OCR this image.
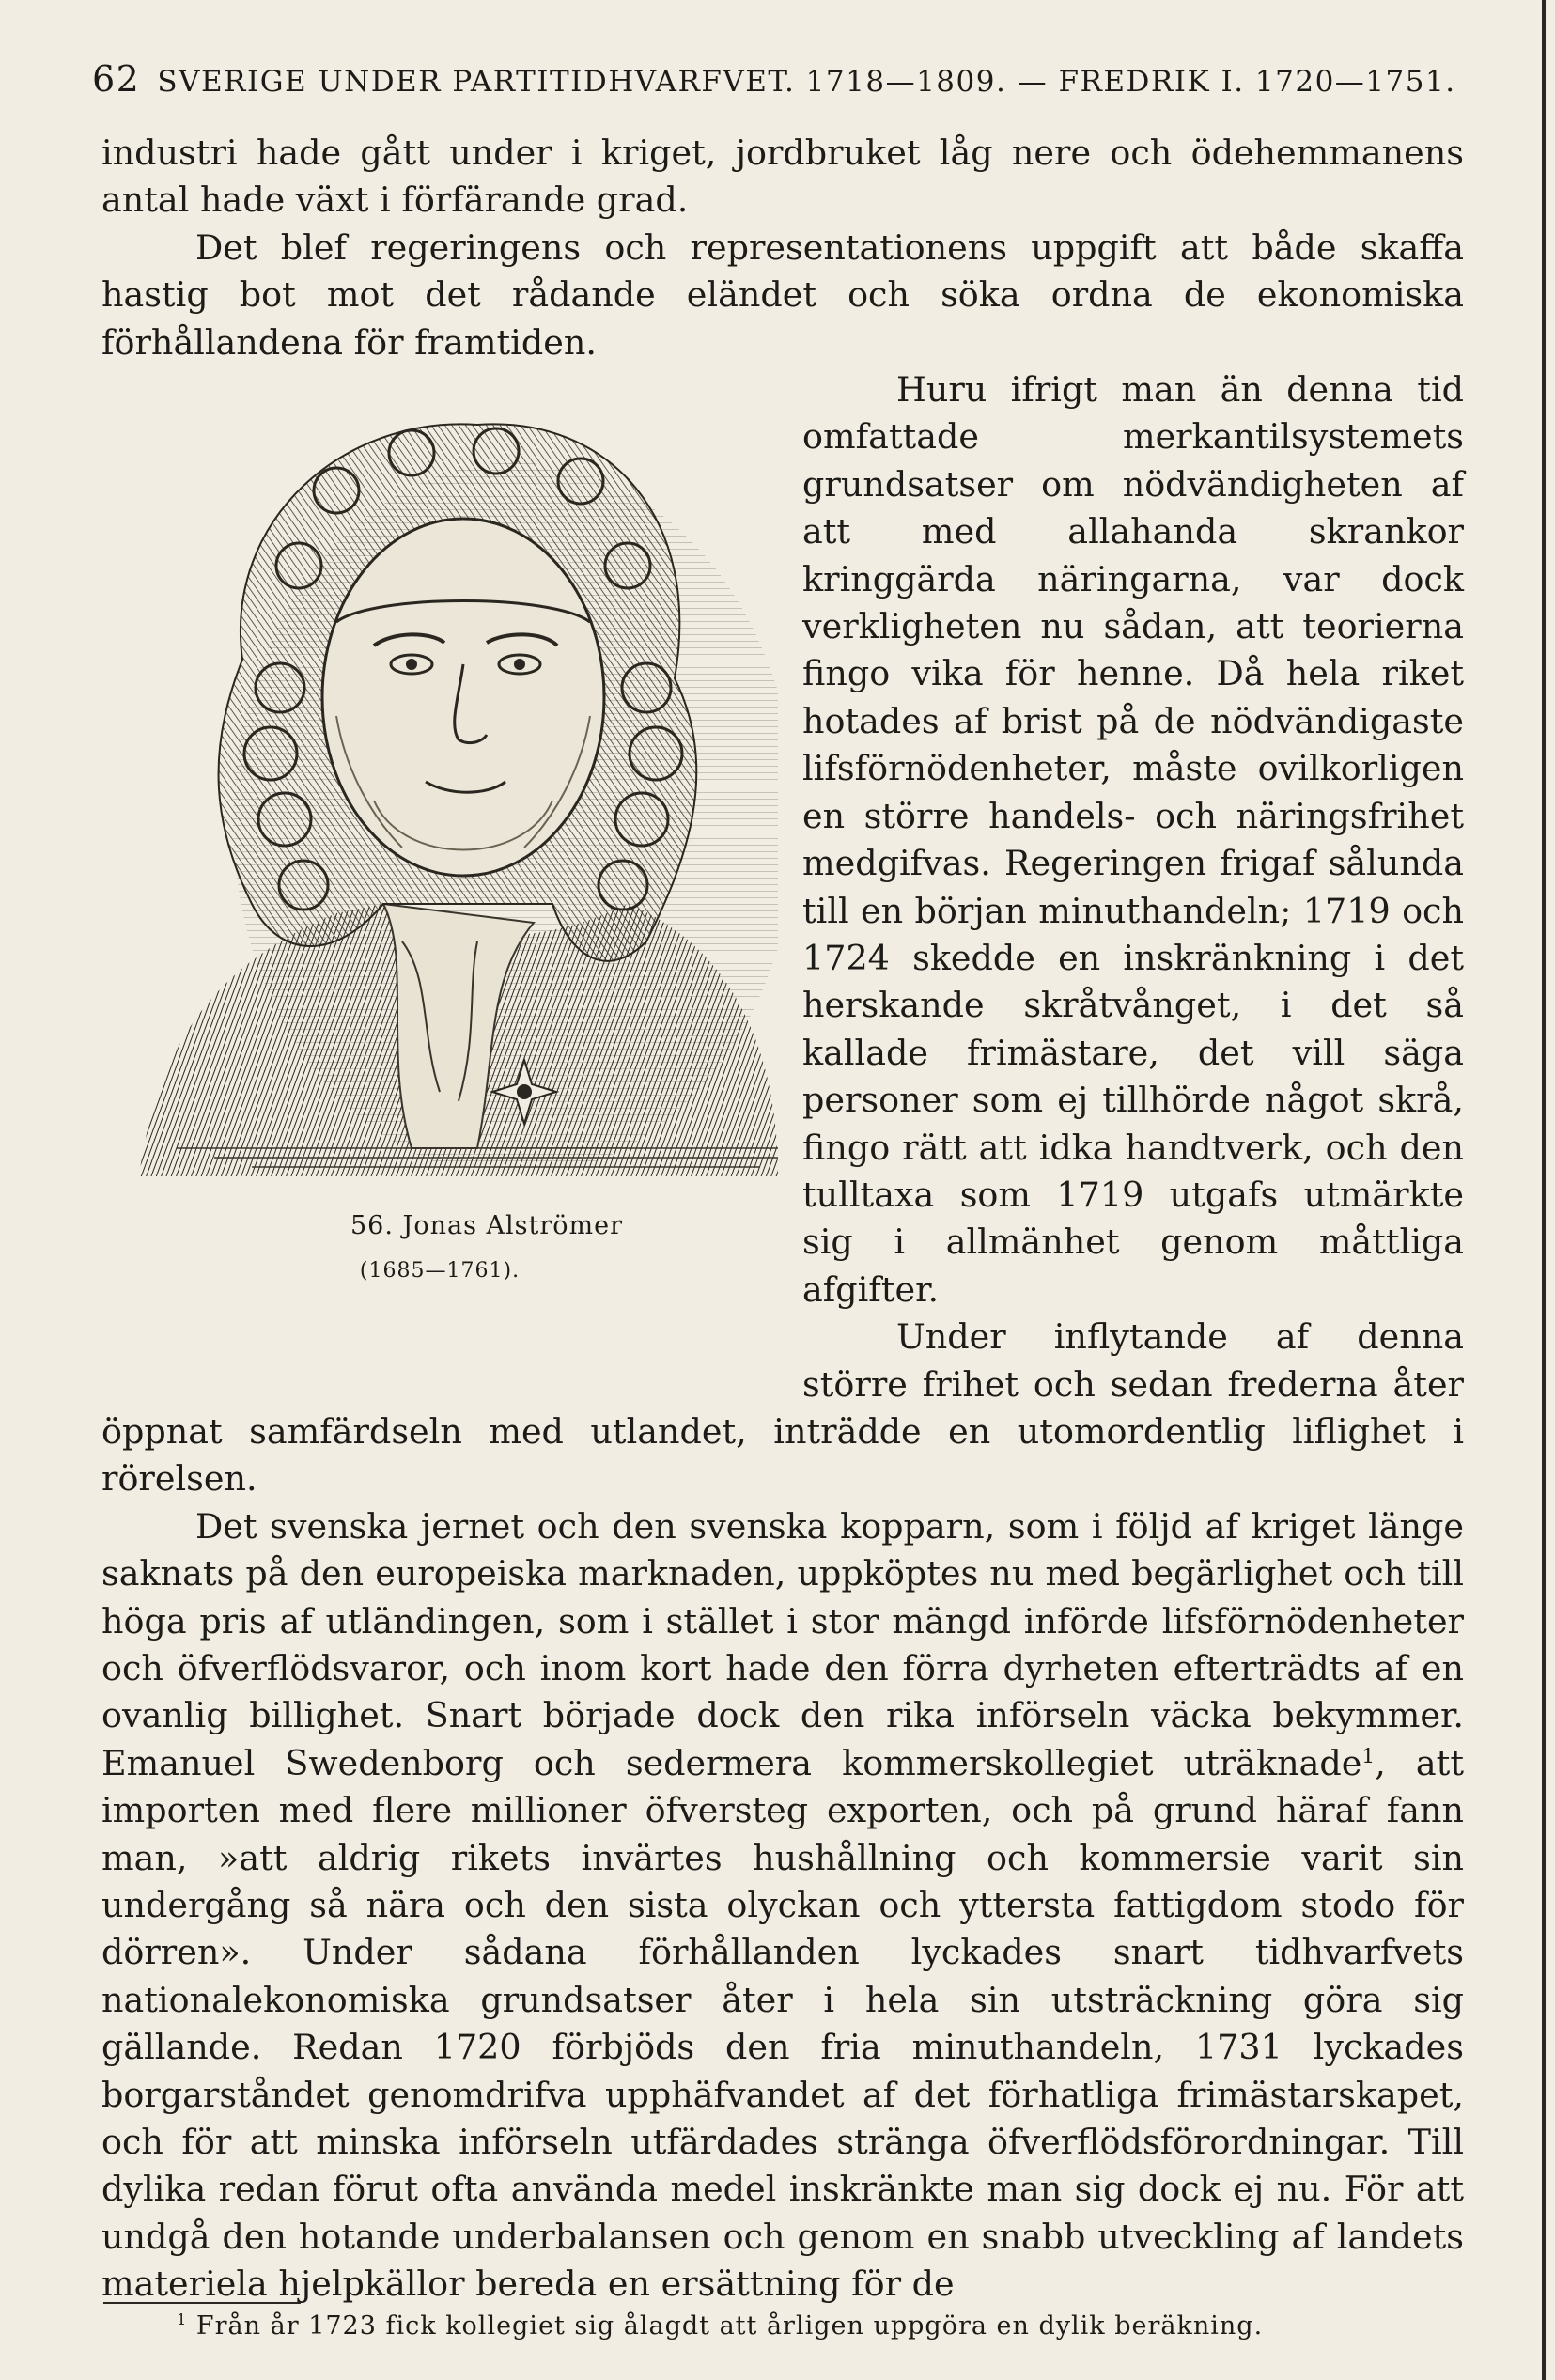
62 SVERIGE UNDER PARTITIDHVARFVET. 1718—1809. — FREDRIK I. 1720—1751.

industri hade gått under i kriget, jordbruket låg nere och ödehemmanens antal hade växt i förfärande grad.

Det blef regeringens och representationens uppgift att både skaffa hastig bot mot det rådande eländet och söka ordna de ekonomiska förhållandena för framtiden.

56. Jonas Alströmer
(1685—1761).
Huru ifrigt man än denna tid omfattade merkantilsystemets grundsatser om nödvändigheten af att med allahanda skrankor kringgärda näringarna, var dock verkligheten nu sådan, att teorierna fingo vika för henne. Då hela riket hotades af brist på de nödvändigaste lifsförnödenheter, måste ovilkorligen en större handels- och näringsfrihet medgifvas. Regeringen frigaf sålunda till en början minuthandeln; 1719 och 1724 skedde en inskränkning i det herskande skråtvånget, i det så kallade frimästare, det vill säga personer som ej tillhörde något skrå, fingo rätt att idka handtverk, och den tulltaxa som 1719 utgafs utmärkte sig i allmänhet genom måttliga afgifter.

Under inflytande af denna större frihet och sedan frederna åter öppnat samfärdseln med utlandet, inträdde en utomordentlig liflighet i rörelsen.

Det svenska jernet och den svenska kopparn, som i följd af kriget länge saknats på den europeiska marknaden, uppköptes nu med begärlighet och till höga pris af utländingen, som i stället i stor mängd införde lifsförnödenheter och öfverflödsvaror, och inom kort hade den förra dyrheten efterträdts af en ovanlig billighet. Snart började dock den rika införseln väcka bekymmer. Emanuel Swedenborg och sedermera kommerskollegiet uträknade$^1$, att importen med flere millioner öfversteg exporten, och på grund häraf fann man, »att aldrig rikets invärtes hushållning och kommersie varit sin undergång så nära och den sista olyckan och yttersta fattigdom stodo för dörren». Under sådana förhållanden lyckades snart tidhvarfvets nationalekonomiska grundsatser åter i hela sin utsträckning göra sig gällande. Redan 1720 förbjöds den fria minuthandeln, 1731 lyckades borgarståndet genomdrifva upphäfvandet af det förhatliga frimästarskapet, och för att minska införseln utfärdades stränga öfverflödsförordningar. Till dylika redan förut ofta använda medel inskränkte man sig dock ej nu. För att undgå den hotande underbalansen och genom en snabb utveckling af landets materiela hjelpkällor bereda en ersättning för de

$^1$ Från år 1723 fick kollegiet sig ålagdt att årligen uppgöra en dylik beräkning.
